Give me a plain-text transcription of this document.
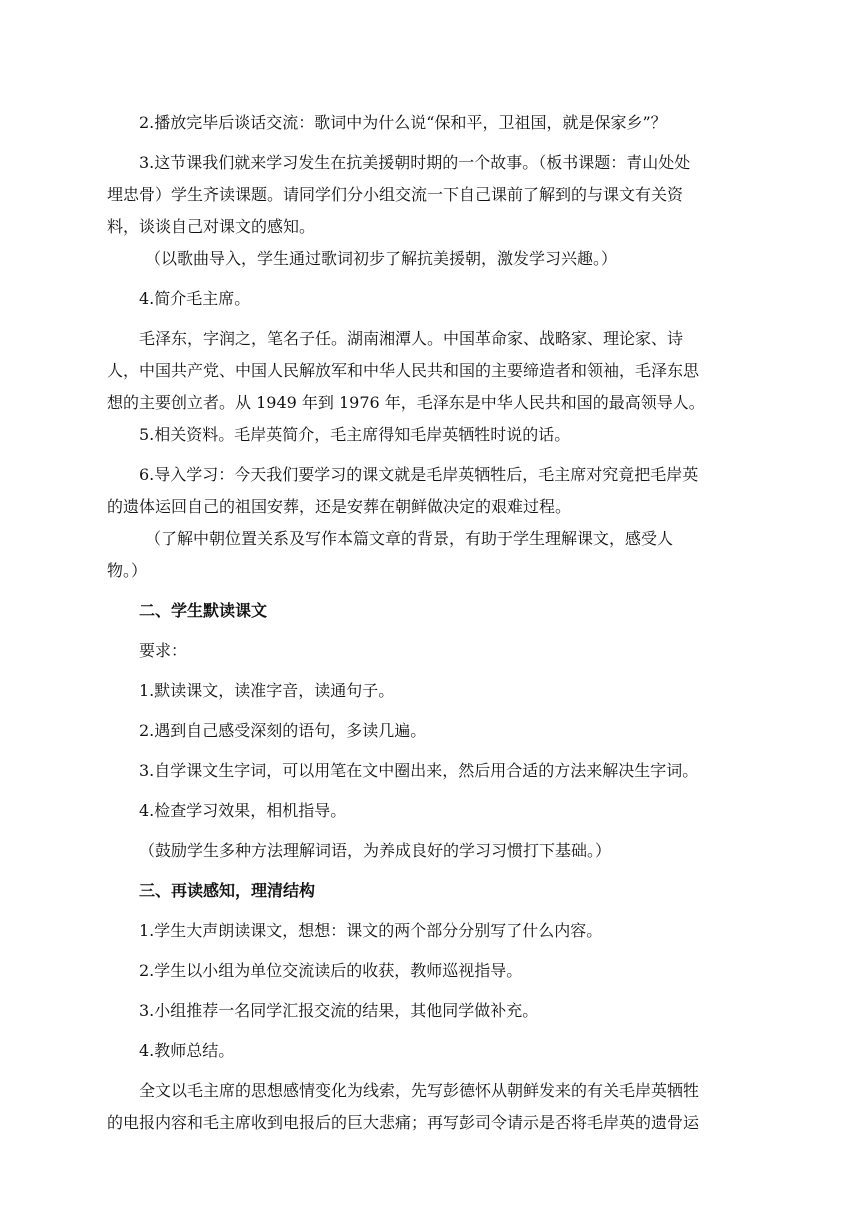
2.播放完毕后谈话交流：歌词中为什么说“保和平，卫祖国，就是保家乡”？

3.这节课我们就来学习发生在抗美援朝时期的一个故事。（板书课题：青山处处
埋忠骨）学生齐读课题。请同学们分小组交流一下自己课前了解到的与课文有关资
料，谈谈自己对课文的感知。

（以歌曲导入，学生通过歌词初步了解抗美援朝，激发学习兴趣。）

4.简介毛主席。

毛泽东，字润之，笔名子任。湖南湘潭人。中国革命家、战略家、理论家、诗
人，中国共产党、中国人民解放军和中华人民共和国的主要缔造者和领袖，毛泽东思
想的主要创立者。从 1949 年到 1976 年，毛泽东是中华人民共和国的最高领导人。

5.相关资料。毛岸英简介，毛主席得知毛岸英牺牲时说的话。

6.导入学习：今天我们要学习的课文就是毛岸英牺牲后，毛主席对究竟把毛岸英
的遗体运回自己的祖国安葬，还是安葬在朝鲜做决定的艰难过程。

（了解中朝位置关系及写作本篇文章的背景，有助于学生理解课文，感受人
物。）

二、学生默读课文

要求：

1.默读课文，读准字音，读通句子。

2.遇到自己感受深刻的语句，多读几遍。

3.自学课文生字词，可以用笔在文中圈出来，然后用合适的方法来解决生字词。

4.检查学习效果，相机指导。

（鼓励学生多种方法理解词语，为养成良好的学习习惯打下基础。）

三、再读感知，理清结构

1.学生大声朗读课文，想想：课文的两个部分分别写了什么内容。

2.学生以小组为单位交流读后的收获，教师巡视指导。

3.小组推荐一名同学汇报交流的结果，其他同学做补充。

4.教师总结。

全文以毛主席的思想感情变化为线索，先写彭德怀从朝鲜发来的有关毛岸英牺牲
的电报内容和毛主席收到电报后的巨大悲痛；再写彭司令请示是否将毛岸英的遗骨运
